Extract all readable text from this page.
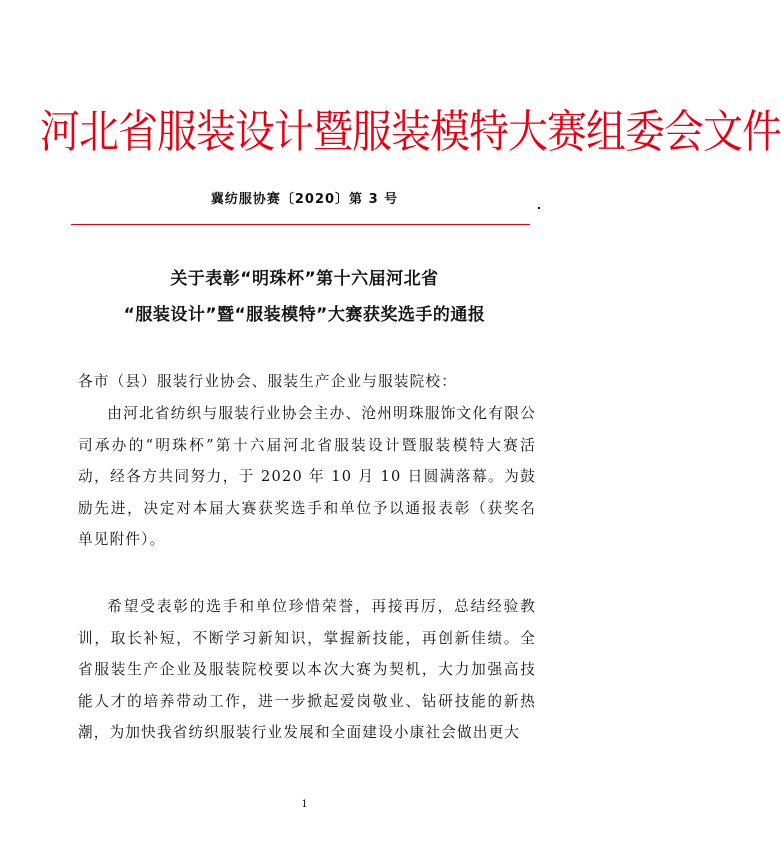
河北省服装设计暨服装模特大赛组委会文件
冀纺服协赛〔2020〕第 3 号
关于表彰“明珠杯”第十六届河北省
“服装设计”暨“服装模特”大赛获奖选手的通报
各市（县）服装行业协会、服装生产企业与服装院校：
由河北省纺织与服装行业协会主办、沧州明珠服饰文化有限公司承办的“明珠杯”第十六届河北省服装设计暨服装模特大赛活动，经各方共同努力，于 2020 年 10 月 10 日圆满落幕。为鼓励先进，决定对本届大赛获奖选手和单位予以通报表彰（获奖名单见附件）。
希望受表彰的选手和单位珍惜荣誉，再接再厉，总结经验教训，取长补短，不断学习新知识，掌握新技能，再创新佳绩。全省服装生产企业及服装院校要以本次大赛为契机，大力加强高技能人才的培养带动工作，进一步掀起爱岗敬业、钻研技能的新热潮，为加快我省纺织服装行业发展和全面建设小康社会做出更大
1
